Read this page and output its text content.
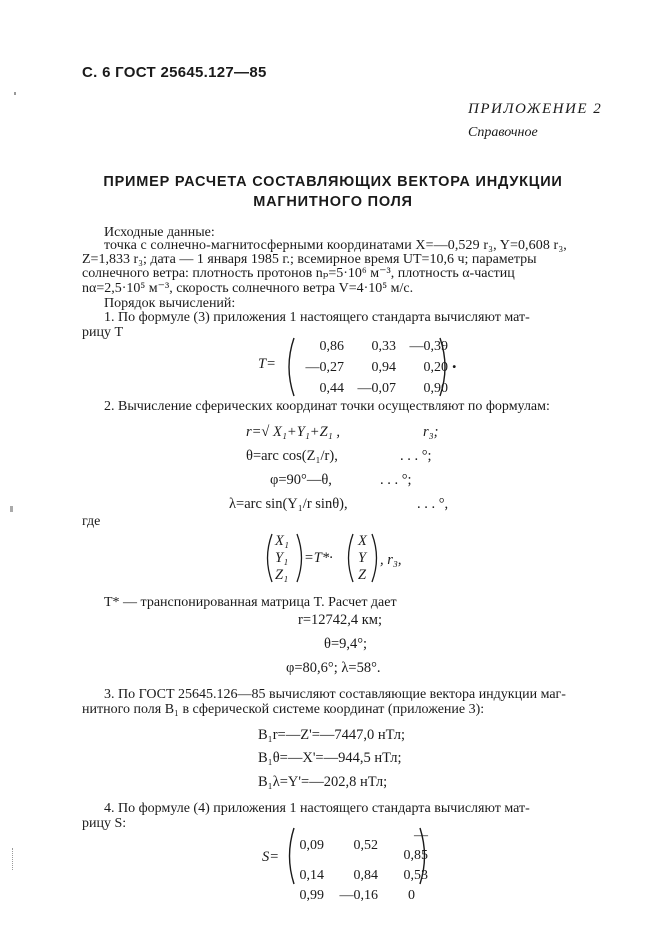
С. 6 ГОСТ 25645.127—85
ПРИЛОЖЕНИЕ 2
Справочное
ПРИМЕР РАСЧЕТА СОСТАВЛЯЮЩИХ ВЕКТОРА ИНДУКЦИИ
МАГНИТНОГО ПОЛЯ
Исходные данные:
точка с солнечно-магнитосферными координатами X=—0,529 r₃, Y=0,608 r₃,
Z=1,833 r₃; дата — 1 января 1985 г.; всемирное время UT=10,6 ч; параметры
солнечного ветра: плотность протонов nₚ=5·10⁶ м⁻³, плотность α-частиц
nα=2,5·10⁵ м⁻³, скорость солнечного ветра V=4·10⁵ м/с.
Порядок вычислений:
1. По формуле (3) приложения 1 настоящего стандарта вычисляют мат-
рицу T
T=
0,86	0,33	—0,39
—0,27	0,94	0,20
0,44	—0,07	0,90
.
2. Вычисление сферических координат точки осуществляют по формулам:
r=√ X₁+Y₁+Z₁ ,	r₃;
θ=arc cos(Z₁/r),	. . . °;
φ=90°—θ,	. . . °;
λ=arc sin(Y₁/r sinθ),	. . . °,
где
X₁
Y₁
Z₁
=T*·
X
Y
Z
, r₃,
T* — транспонированная матрица T. Расчет дает
r=12742,4 км;
θ=9,4°;
φ=80,6°; λ=58°.
3. По ГОСТ 25645.126—85 вычисляют составляющие вектора индукции маг-
нитного поля B₁ в сферической системе координат (приложение 3):
B₁r=—Z'=—7447,0 нТл;
B₁θ=—X'=—944,5 нТл;
B₁λ=Y'=—202,8 нТл;
4. По формуле (4) приложения 1 настоящего стандарта вычисляют мат-
рицу S:
S=
0,09	0,52	—0,85
0,14	0,84	0,53
0,99	—0,16	0
